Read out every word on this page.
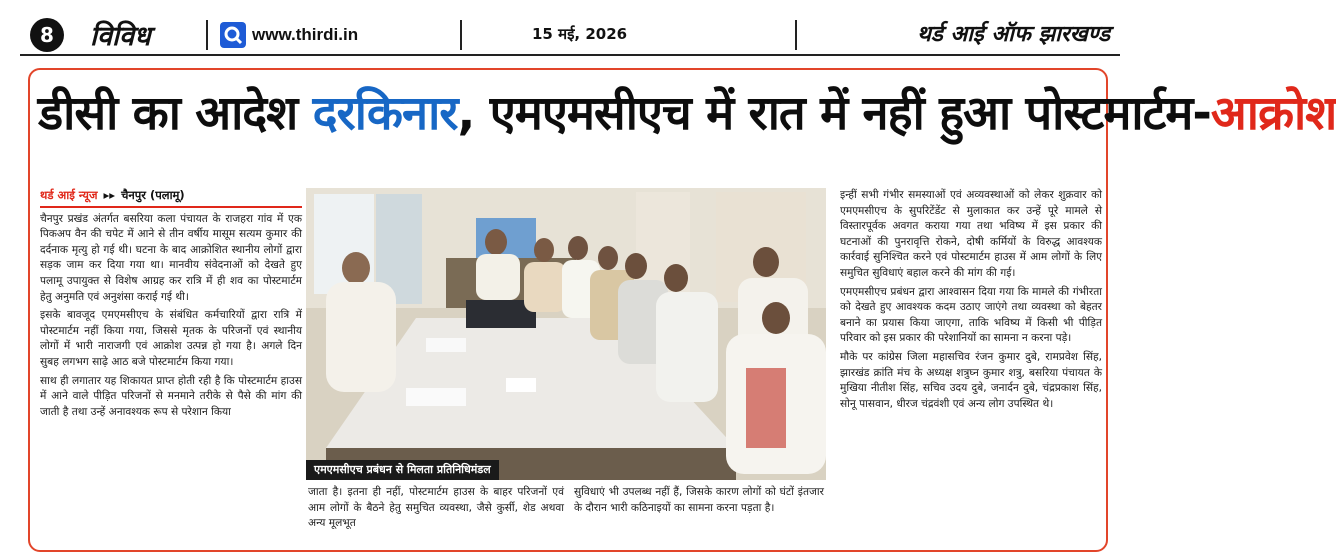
8	विविध	www.thirdi.in	15 मई, 2026	थर्ड आई ऑफ झारखण्ड
डीसी का आदेश दरकिनार, एमएमसीएच में रात में नहीं हुआ पोस्टमार्टम-आक्रोश
थर्ड आई न्यूज ▸▸ चैनपुर (पलामू)

चैनपुर प्रखंड अंतर्गत बसरिया कला पंचायत के राजहरा गांव में एक पिकअप वैन की चपेट में आने से तीन वर्षीय मासूम सत्यम कुमार की दर्दनाक मृत्यु हो गई थी। घटना के बाद आक्रोशित स्थानीय लोगों द्वारा सड़क जाम कर दिया गया था। मानवीय संवेदनाओं को देखते हुए पलामू उपायुक्त से विशेष आग्रह कर रात्रि में ही शव का पोस्टमार्टम हेतु अनुमति एवं अनुशंसा कराई गई थी।

इसके बावजूद एमएमसीएच के संबंधित कर्मचारियों द्वारा रात्रि में पोस्टमार्टम नहीं किया गया, जिससे मृतक के परिजनों एवं स्थानीय लोगों में भारी नाराजगी एवं आक्रोश उत्पन्न हो गया है। अगले दिन सुबह लगभग साढ़े आठ बजे पोस्टमार्टम किया गया।

साथ ही लगातार यह शिकायत प्राप्त होती रही है कि पोस्टमार्टम हाउस में आने वाले पीड़ित परिजनों से मनमाने तरीके से पैसे की मांग की जाती है तथा उन्हें अनावश्यक रूप से परेशान किया

एमएमसीएच प्रबंधन से मिलता प्रतिनिधिमंडल

जाता है। इतना ही नहीं, पोस्टमार्टम हाउस के बाहर परिजनों एवं आम लोगों के बैठने हेतु समुचित व्यवस्था, जैसे कुर्सी, शेड अथवा अन्य मूलभूत

सुविधाएं भी उपलब्ध नहीं हैं, जिसके कारण लोगों को घंटों इंतजार के दौरान भारी कठिनाइयों का सामना करना पड़ता है।

इन्हीं सभी गंभीर समस्याओं एवं अव्यवस्थाओं को लेकर शुक्रवार को एमएमसीएच के सुपरिटेंडेंट से मुलाकात कर उन्हें पूरे मामले से विस्तारपूर्वक अवगत कराया गया तथा भविष्य में इस प्रकार की घटनाओं की पुनरावृत्ति रोकने, दोषी कर्मियों के विरुद्ध आवश्यक कार्रवाई सुनिश्चित करने एवं पोस्टमार्टम हाउस में आम लोगों के लिए समुचित सुविधाएं बहाल करने की मांग की गई।

एमएमसीएच प्रबंधन द्वारा आश्वासन दिया गया कि मामले की गंभीरता को देखते हुए आवश्यक कदम उठाए जाएंगे तथा व्यवस्था को बेहतर बनाने का प्रयास किया जाएगा, ताकि भविष्य में किसी भी पीड़ित परिवार को इस प्रकार की परेशानियों का सामना न करना पड़े।

मौके पर कांग्रेस जिला महासचिव रंजन कुमार दुबे, रामप्रवेश सिंह, झारखंड क्रांति मंच के अध्यक्ष शत्रुघ्न कुमार शत्रु, बसरिया पंचायत के मुखिया नीतीश सिंह, सचिव उदय दुबे, जनार्दन दुबे, चंद्रप्रकाश सिंह, सोनू पासवान, धीरज चंद्रवंशी एवं अन्य लोग उपस्थित थे।
